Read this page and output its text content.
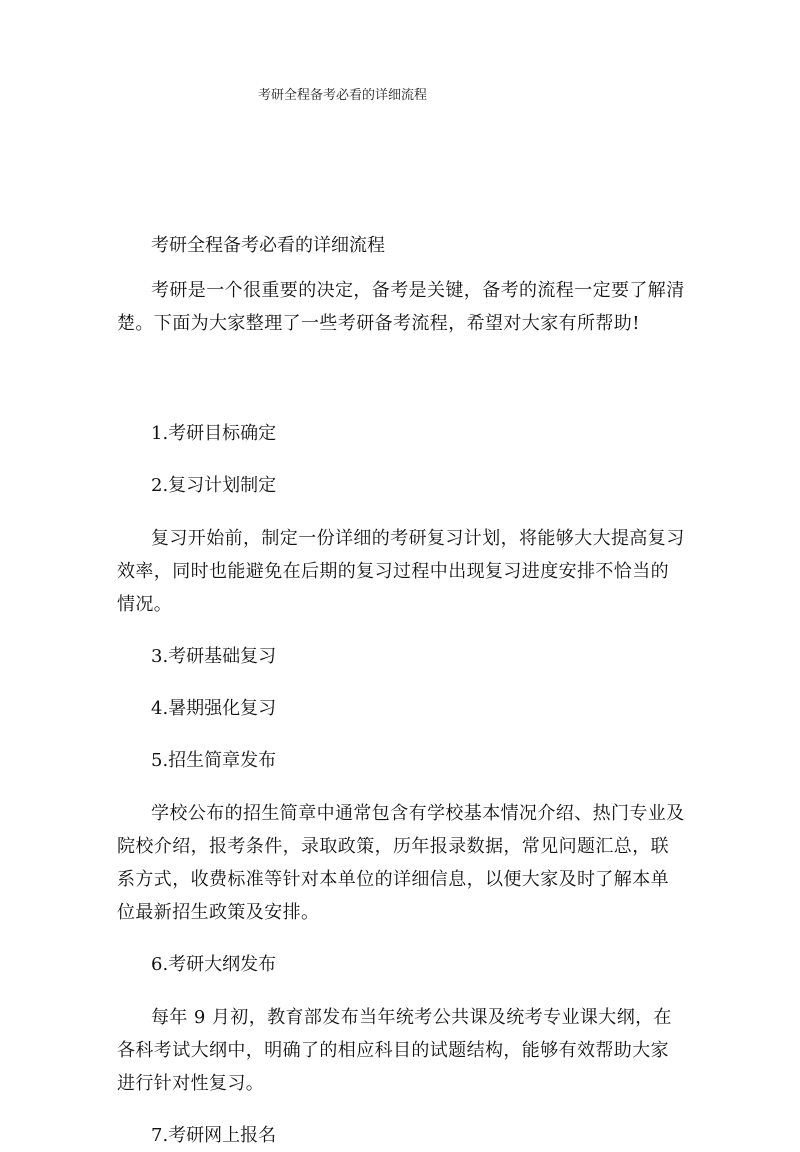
考研全程备考必看的详细流程
考研全程备考必看的详细流程

考研是一个很重要的决定，备考是关键，备考的流程一定要了解清楚。下面为大家整理了一些考研备考流程，希望对大家有所帮助!

1.考研目标确定
2.复习计划制定

复习开始前，制定一份详细的考研复习计划，将能够大大提高复习效率，同时也能避免在后期的复习过程中出现复习进度安排不恰当的情况。

3.考研基础复习
4.暑期强化复习
5.招生简章发布

学校公布的招生简章中通常包含有学校基本情况介绍、热门专业及院校介绍，报考条件，录取政策，历年报录数据，常见问题汇总，联系方式，收费标准等针对本单位的详细信息，以便大家及时了解本单位最新招生政策及安排。

6.考研大纲发布

每年 9 月初，教育部发布当年统考公共课及统考专业课大纲，在各科考试大纲中，明确了的相应科目的试题结构，能够有效帮助大家进行针对性复习。

7.考研网上报名
